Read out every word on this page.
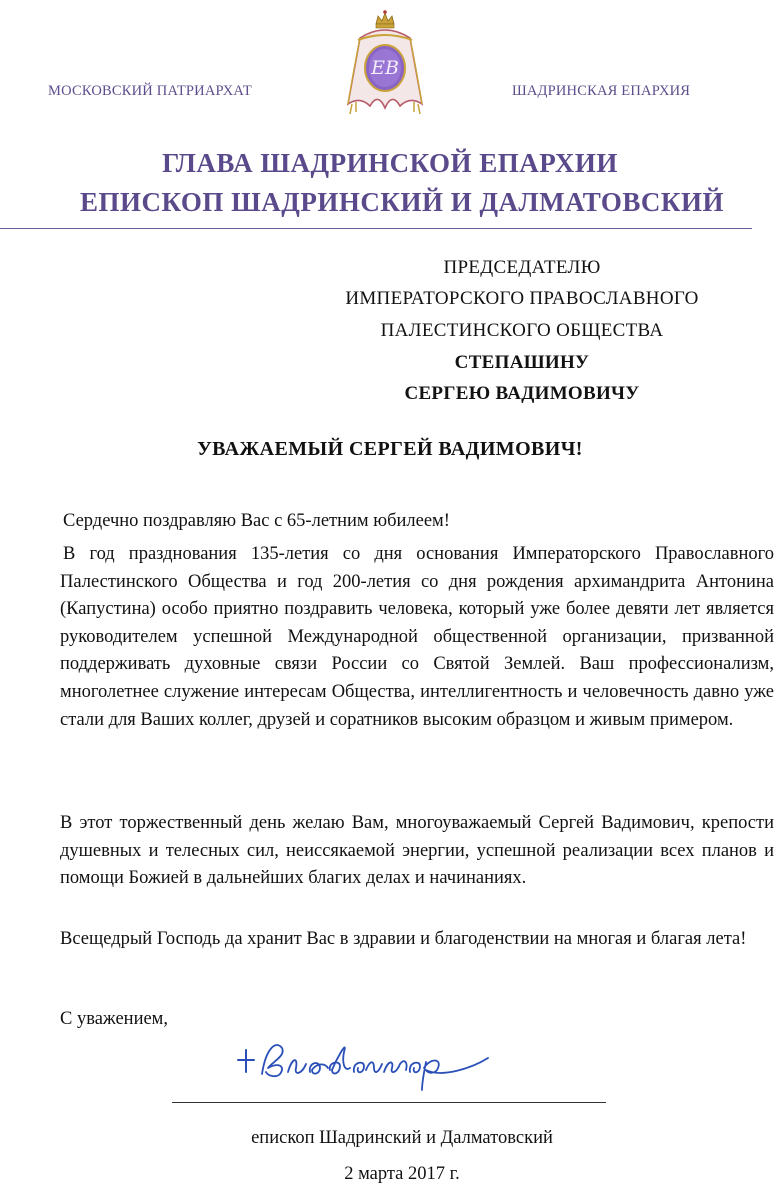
МОСКОВСКИЙ ПАТРИАРХАТ	ШАДРИНСКАЯ ЕПАРХИЯ
ЕВ
ГЛАВА ШАДРИНСКОЙ ЕПАРХИИ
ЕПИСКОП ШАДРИНСКИЙ И ДАЛМАТОВСКИЙ
ПРЕДСЕДАТЕЛЮ
ИМПЕРАТОРСКОГО ПРАВОСЛАВНОГО
ПАЛЕСТИНСКОГО ОБЩЕСТВА
СТЕПАШИНУ
СЕРГЕЮ ВАДИМОВИЧУ
УВАЖАЕМЫЙ СЕРГЕЙ ВАДИМОВИЧ!
Сердечно поздравляю Вас с 65-летним юбилеем!
В год празднования 135-летия со дня основания Императорского Православного Палестинского Общества и год 200-летия со дня рождения архимандрита Антонина (Капустина) особо приятно поздравить человека, который уже более девяти лет является руководителем успешной Международной общественной организации, призванной поддерживать духовные связи России со Святой Землей. Ваш профессионализм, многолетнее служение интересам Общества, интеллигентность и человечность давно уже стали для Ваших коллег, друзей и соратников высоким образцом и живым примером.
В этот торжественный день желаю Вам, многоуважаемый Сергей Вадимович, крепости душевных и телесных сил, неиссякаемой энергии, успешной реализации всех планов и помощи Божией в дальнейших благих делах и начинаниях.
Всещедрый Господь да хранит Вас в здравии и благоденствии на многая и благая лета!
С уважением,
епископ Шадринский и Далматовский
2 марта 2017 г.
